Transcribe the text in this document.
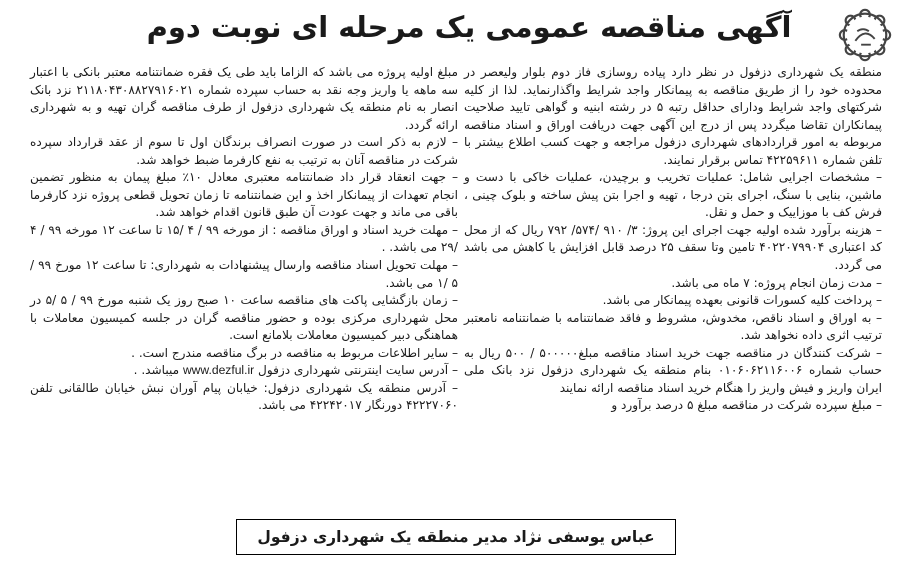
آگهی مناقصه عمومی یک مرحله ای نوبت دوم

منطقه یک شهرداری دزفول در نظر دارد پیاده روسازی فاز دوم بلوار ولیعصر در محدوده خود را از طریق مناقصه به پیمانکار واجد شرایط واگذارنماید. لذا از کلیه شرکتهای واجد شرایط ودارای حداقل رتبه ۵ در رشته ابنیه و گواهی تایید صلاحیت پیمانکاران تقاضا میگردد پس از درج این آگهی جهت دریافت اوراق و اسناد مناقصه مربوطه به امور قراردادهای شهرداری دزفول مراجعه و جهت کسب اطلاع بیشتر با تلفن شماره ۴۲۲۵۹۶۱۱ تماس برقرار نمایند.

– مشخصات اجرایی شامل: عملیات تخریب و برچیدن، عملیات خاکی با دست و ماشین، بنایی با سنگ، اجرای بتن درجا ، تهیه و اجرا بتن پیش ساخته و بلوک چینی ، فرش کف با موزاییک و حمل و نقل.

– هزینه برآورد شده اولیه جهت اجرای این پروژ: ۳/ ۹۱۰ /۵۷۴/ ۷۹۲ ریال که از محل کد اعتباری ۴۰۲۲۰۷۹۹۰۴ تامین وتا سقف ۲۵ درصد قابل افزایش یا کاهش می باشد می گردد.

– مدت زمان انجام پروژه: ۷ ماه می باشد.

– پرداخت کلیه کسورات قانونی بعهده پیمانکار می باشد.

– به اوراق و اسناد ناقص، مخدوش، مشروط و فاقد ضمانتنامه با ضمانتنامه نامعتبر ترتیب اثری داده نخواهد شد.

– شرکت کنندگان در مناقصه جهت خرید اسناد مناقصه مبلغ۵۰۰۰۰۰ / ۵۰۰ ریال به حساب شماره ۰۱۰۶۰۶۲۱۱۶۰۰۶ بنام منطقه یک شهرداری دزفول نزد بانک ملی ایران واریز و فیش واریز را هنگام خرید اسناد مناقصه ارائه نمایند

– مبلغ سپرده شرکت در مناقصه مبلغ ۵ درصد برآورد و

مبلغ اولیه پروژه می باشد که الزاما باید طی یک فقره ضمانتنامه معتبر بانکی با اعتبار سه ماهه یا واریز وجه نقد به حساب سپرده شماره ۲۱۱۸۰۴۳۰۸۸۲۷۹۱۶۰۲۱ نزد بانک انصار به نام منطقه یک شهرداری دزفول از طرف مناقصه گران تهیه و به شهرداری ارائه گردد.

– لازم به ذکر است در صورت انصراف برندگان اول تا سوم از عقد قرارداد سپرده شرکت در مناقصه آنان به ترتیب به نفع کارفرما ضبط خواهد شد.

– جهت انعقاد قرار داد ضمانتنامه معتبری معادل ۱۰٪ مبلغ پیمان به منظور تضمین انجام تعهدات از پیمانکار اخذ و این ضمانتنامه تا زمان تحویل قطعی پروژه نزد کارفرما باقی می ماند و جهت عودت آن طبق قانون اقدام خواهد شد.

– مهلت خرید اسناد و اوراق مناقصه : از مورخه ۹۹ / ۴ /۱۵ تا ساعت ۱۲ مورخه ۹۹ / ۴ /۲۹ می باشد. .

– مهلت تحویل اسناد مناقصه وارسال پیشنهادات به شهرداری: تا ساعت ۱۲ مورخ ۹۹ / ۵ /۱ می باشد.

– زمان بازگشایی پاکت های مناقصه ساعت ۱۰ صبح روز یک شنبه مورخ ۹۹ / ۵ /۵ در محل شهرداری مرکزی بوده و حضور مناقصه گران در جلسه کمیسیون معاملات با هماهنگی دبیر کمیسیون معاملات بلامانع است.

– سایر اطلاعات مربوط به مناقصه در برگ مناقصه مندرج است. .

– آدرس سایت اینترنتی شهرداری دزفول www.dezful.ir میباشد. .

– آدرس منطقه یک شهرداری دزفول: خیابان پیام آوران نبش خیابان طالقانی تلفن ۴۲۲۲۷۰۶۰ دورنگار ۴۲۲۴۲۰۱۷ می باشد.

عباس یوسفی نژاد مدیر منطقه یک شهرداری دزفول
